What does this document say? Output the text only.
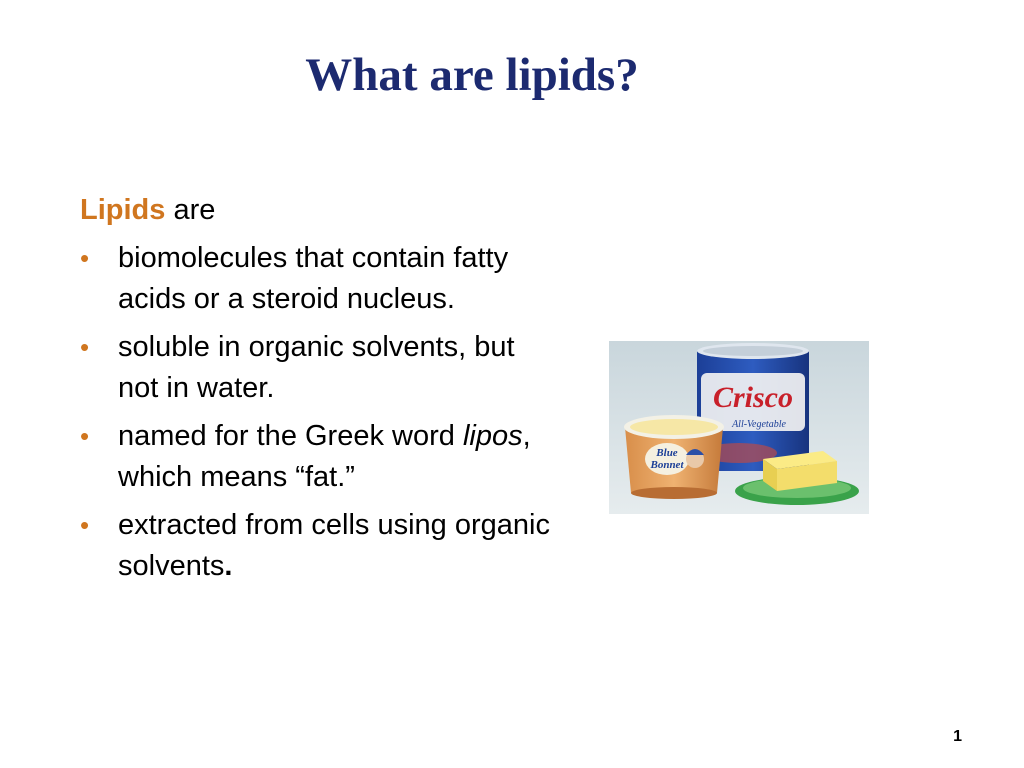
What are lipids?

Lipids are

• biomolecules that contain fatty acids or a steroid nucleus.
• soluble in organic solvents, but not in water.
• named for the Greek word lipos, which means “fat.”
• extracted from cells using organic solvents.
Crisco
All-Vegetable
Blue
Bonnet
1
